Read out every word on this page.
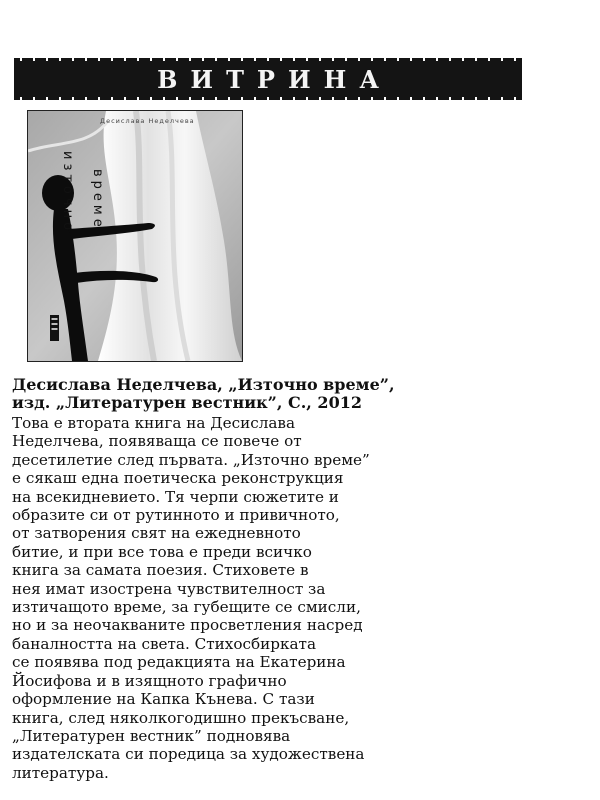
ВИТРИНА
Десислава Неделчева
източно време

Десислава Неделчева, „Източно време”,
изд. „Литературен вестник”, С., 2012

Това е втората книга на Десислава
Неделчева, появяваща се повече от
десетилетие след първата. „Източно време”
е сякаш една поетическа реконструкция
на всекидневието. Тя черпи сюжетите и
образите си от рутинното и привичното,
от затворения свят на ежедневното
битие, и при все това е преди всичко
книга за самата поезия. Стиховете в
нея имат изострена чувствителност за
изтичащото време, за губещите се смисли,
но и за неочакваните просветления насред
баналността на света. Стихосбирката
се появява под редакцията на Екатерина
Йосифова и в изящното графично
оформление на Капка Кънева. С тази
книга, след няколкогодишно прекъсване,
„Литературен вестник” подновява
издателската си поредица за художествена
литература.
